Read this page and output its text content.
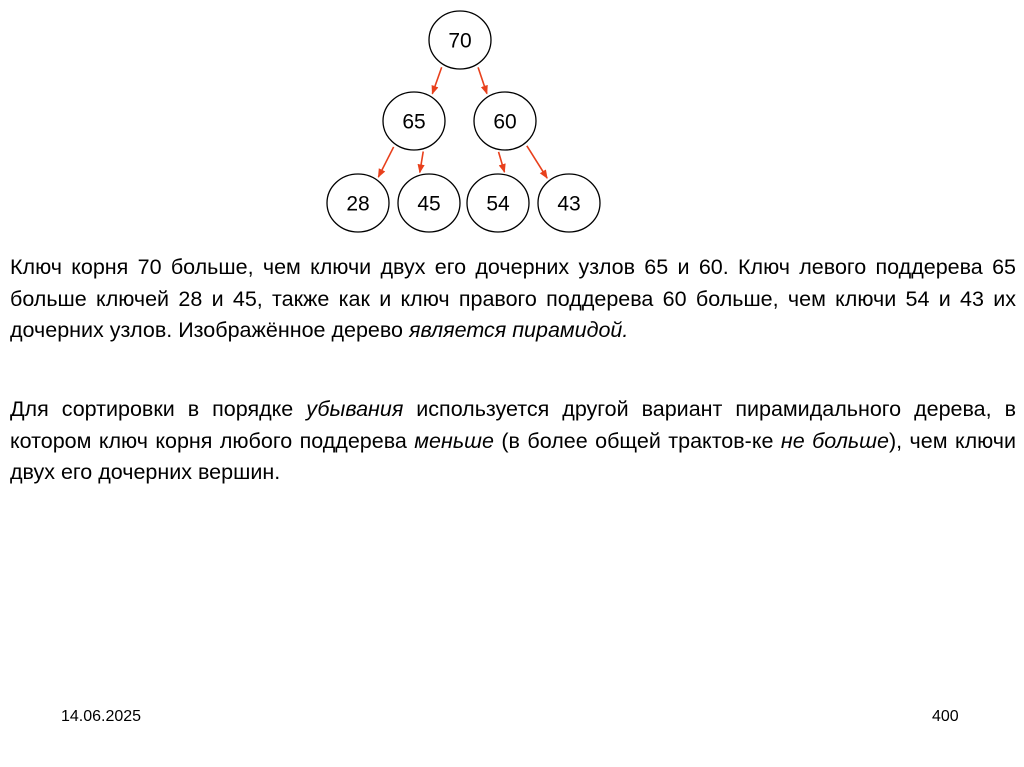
70
65	60
28 45 54 43

Ключ корня 70 больше, чем ключи двух его дочерних узлов 65 и 60. Ключ левого поддерева 65 больше ключей 28 и 45, также как и ключ правого поддерева 60 больше, чем ключи 54 и 43 их дочерних узлов. Изображённое дерево является пирамидой.

Для сортировки в порядке убывания используется другой вариант пирамидального дерева, в котором ключ корня любого поддерева меньше (в более общей трактов-ке не больше), чем ключи двух его дочерних вершин.

14.06.2025	400
